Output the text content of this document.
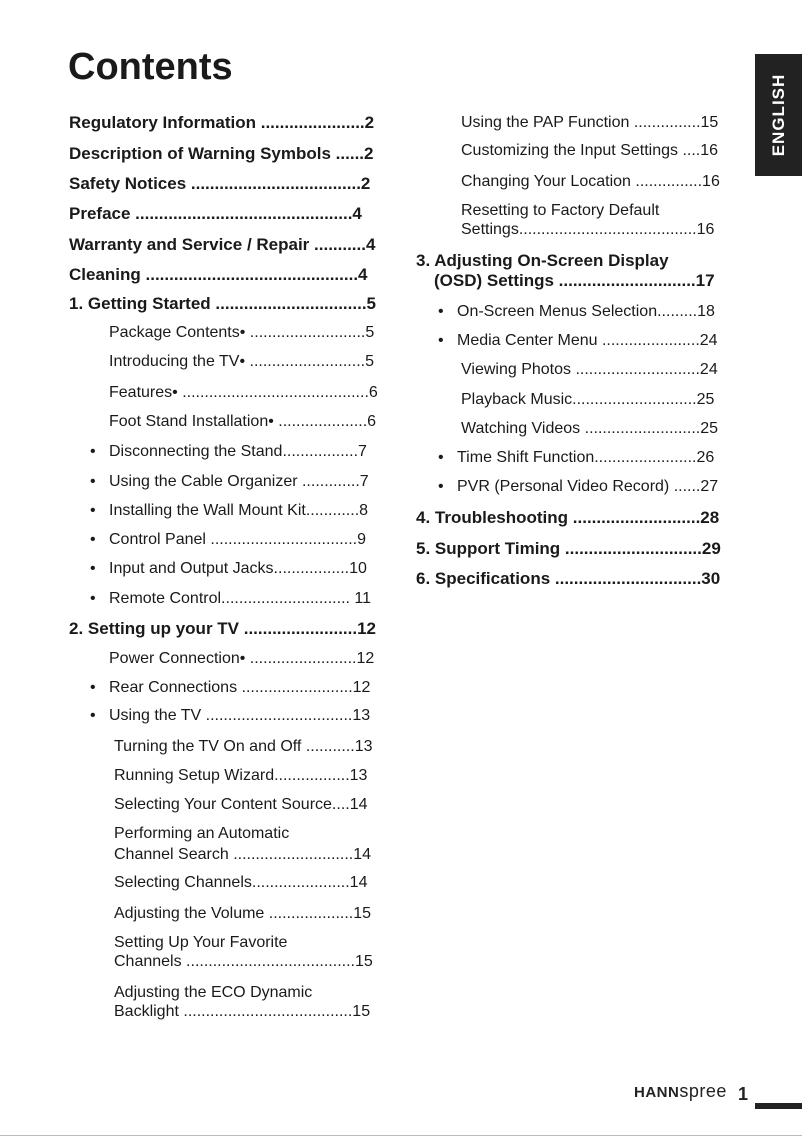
Contents
ENGLISH
Regulatory Information ......................2
Description of Warning Symbols ......2
Safety Notices ....................................2
Preface ..............................................4
Warranty and Service / Repair ...........4
Cleaning .............................................4
1. Getting Started ................................5
Package Contents• ..........................5
Introducing the TV• ..........................5
Features• ..........................................6
Foot Stand Installation• ....................6
• Disconnecting the Stand.................7
• Using the Cable Organizer .............7
• Installing the Wall Mount Kit............8
• Control Panel .................................9
• Input and Output Jacks.................10
• Remote Control............................. 11
2. Setting up your TV ........................12
Power Connection• ........................12
• Rear Connections .........................12
• Using the TV .................................13
Turning the TV On and Off ...........13
Running Setup Wizard.................13
Selecting Your Content Source....14
Performing an Automatic
Channel Search ...........................14
Selecting Channels......................14
Adjusting the Volume ...................15
Setting Up Your Favorite
Channels ......................................15
Adjusting the ECO Dynamic
Backlight ......................................15
Using the PAP Function ...............15
Customizing the Input Settings ....16
Changing Your Location ...............16
Resetting to Factory Default
Settings........................................16
3. Adjusting On-Screen Display
(OSD) Settings .............................17
• On-Screen Menus Selection.........18
• Media Center Menu ......................24
Viewing Photos ............................24
Playback Music............................25
Watching Videos ..........................25
• Time Shift Function.......................26
• PVR (Personal Video Record) ......27
4. Troubleshooting ...........................28
5. Support Timing .............................29
6. Specifications ...............................30
HANNspree 1
